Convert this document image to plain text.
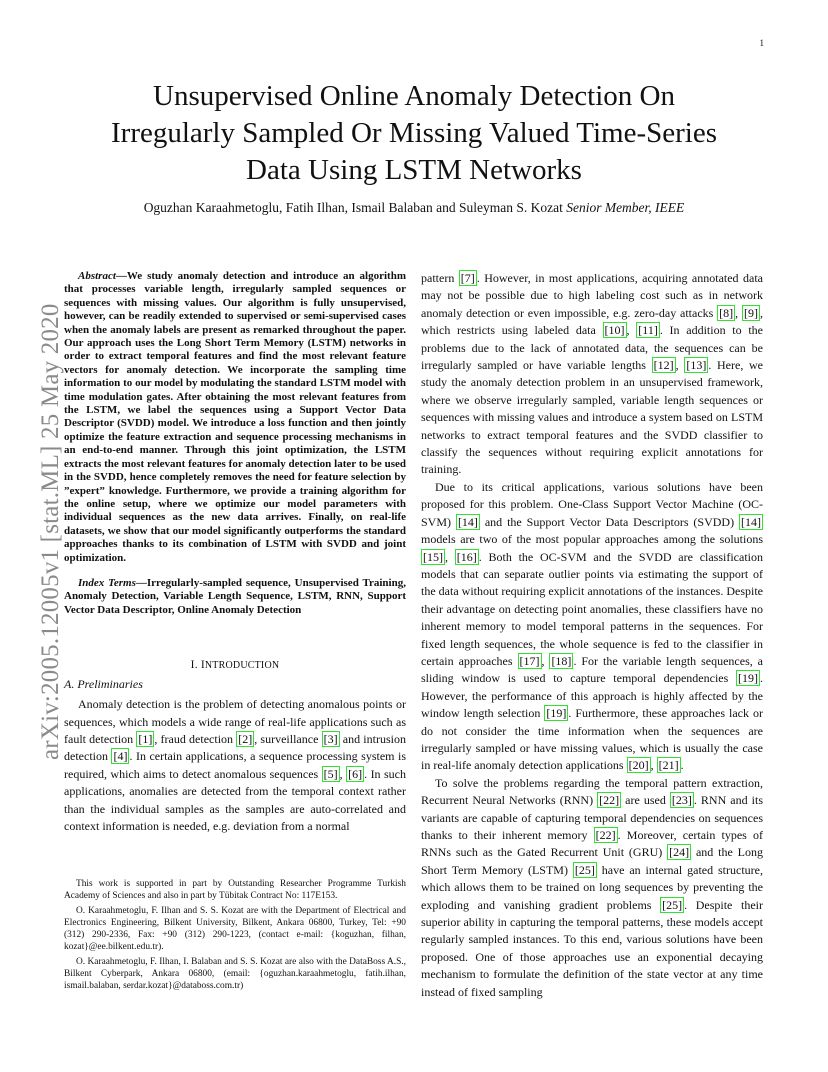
1
arXiv:2005.12005v1 [stat.ML] 25 May 2020
Unsupervised Online Anomaly Detection On
Irregularly Sampled Or Missing Valued Time-Series
Data Using LSTM Networks
Oguzhan Karaahmetoglu, Fatih Ilhan, Ismail Balaban and Suleyman S. Kozat Senior Member, IEEE

Abstract—We study anomaly detection and introduce an algorithm that processes variable length, irregularly sampled sequences or sequences with missing values. Our algorithm is fully unsupervised, however, can be readily extended to supervised or semi-supervised cases when the anomaly labels are present as remarked throughout the paper. Our approach uses the Long Short Term Memory (LSTM) networks in order to extract temporal features and find the most relevant feature vectors for anomaly detection. We incorporate the sampling time information to our model by modulating the standard LSTM model with time modulation gates. After obtaining the most relevant features from the LSTM, we label the sequences using a Support Vector Data Descriptor (SVDD) model. We introduce a loss function and then jointly optimize the feature extraction and sequence processing mechanisms in an end-to-end manner. Through this joint optimization, the LSTM extracts the most relevant features for anomaly detection later to be used in the SVDD, hence completely removes the need for feature selection by ”expert” knowledge. Furthermore, we provide a training algorithm for the online setup, where we optimize our model parameters with individual sequences as the new data arrives. Finally, on real-life datasets, we show that our model significantly outperforms the standard approaches thanks to its combination of LSTM with SVDD and joint optimization.

Index Terms—Irregularly-sampled sequence, Unsupervised Training, Anomaly Detection, Variable Length Sequence, LSTM, RNN, Support Vector Data Descriptor, Online Anomaly Detection

I. INTRODUCTION
A. Preliminaries

Anomaly detection is the problem of detecting anomalous points or sequences, which models a wide range of real-life applications such as fault detection [1] , fraud detection [2] , surveillance [3] and intrusion detection [4] . In certain applications, a sequence processing system is required, which aims to detect anomalous sequences [5] , [6] . In such applications, anomalies are detected from the temporal context rather than the individual samples as the samples are auto-correlated and context information is needed, e.g. deviation from a normal

This work is supported in part by Outstanding Researcher Programme Turkish Academy of Sciences and also in part by Tübitak Contract No: 117E153.

O. Karaahmetoglu, F. Ilhan and S. S. Kozat are with the Department of Electrical and Electronics Engineering, Bilkent University, Bilkent, Ankara 06800, Turkey, Tel: +90 (312) 290-2336, Fax: +90 (312) 290-1223, (contact e-mail: {koguzhan, filhan, kozat}@ee.bilkent.edu.tr).

O. Karaahmetoglu, F. Ilhan, I. Balaban and S. S. Kozat are also with the DataBoss A.S., Bilkent Cyberpark, Ankara 06800, (email: {oguzhan.karaahmetoglu, fatih.ilhan, ismail.balaban, serdar.kozat}@databoss.com.tr)

pattern [7] . However, in most applications, acquiring annotated data may not be possible due to high labeling cost such as in network anomaly detection or even impossible, e.g. zero-day attacks [8] , [9] , which restricts using labeled data [10] , [11] . In addition to the problems due to the lack of annotated data, the sequences can be irregularly sampled or have variable lengths [12] , [13] . Here, we study the anomaly detection problem in an unsupervised framework, where we observe irregularly sampled, variable length sequences or sequences with missing values and introduce a system based on LSTM networks to extract temporal features and the SVDD classifier to classify the sequences without requiring explicit annotations for training.

Due to its critical applications, various solutions have been proposed for this problem. One-Class Support Vector Machine (OC-SVM) [14] and the Support Vector Data Descriptors (SVDD) [14] models are two of the most popular approaches among the solutions [15] , [16] . Both the OC-SVM and the SVDD are classification models that can separate outlier points via estimating the support of the data without requiring explicit annotations of the instances. Despite their advantage on detecting point anomalies, these classifiers have no inherent memory to model temporal patterns in the sequences. For fixed length sequences, the whole sequence is fed to the classifier in certain approaches [17] , [18] . For the variable length sequences, a sliding window is used to capture temporal dependencies [19] . However, the performance of this approach is highly affected by the window length selection [19] . Furthermore, these approaches lack or do not consider the time information when the sequences are irregularly sampled or have missing values, which is usually the case in real-life anomaly detection applications [20] , [21] .

To solve the problems regarding the temporal pattern extraction, Recurrent Neural Networks (RNN) [22] are used [23] . RNN and its variants are capable of capturing temporal dependencies on sequences thanks to their inherent memory [22] . Moreover, certain types of RNNs such as the Gated Recurrent Unit (GRU) [24] and the Long Short Term Memory (LSTM) [25] have an internal gated structure, which allows them to be trained on long sequences by preventing the exploding and vanishing gradient problems [25] . Despite their superior ability in capturing the temporal patterns, these models accept regularly sampled instances. To this end, various solutions have been proposed. One of those approaches use an exponential decaying mechanism to formulate the definition of the state vector at any time instead of fixed sampling
